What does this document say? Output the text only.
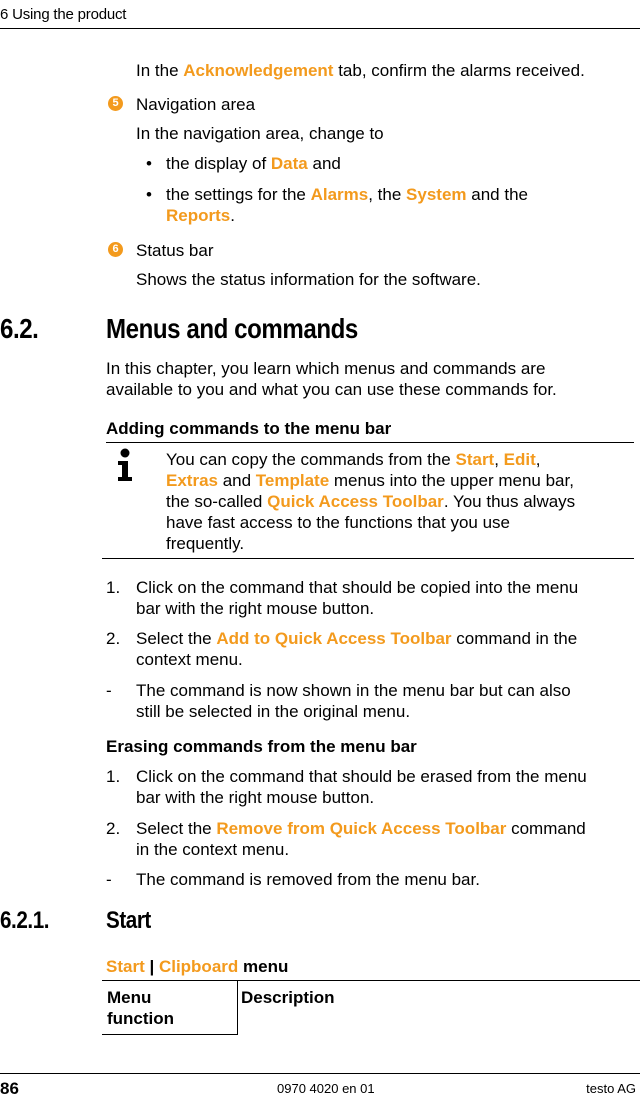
6 Using the product
In the Acknowledgement tab, confirm the alarms received.
5 Navigation area
In the navigation area, change to
• the display of Data and
• the settings for the Alarms, the System and the
Reports.
6 Status bar
Shows the status information for the software.
6.2. Menus and commands
In this chapter, you learn which menus and commands are
available to you and what you can use these commands for.
Adding commands to the menu bar
You can copy the commands from the Start, Edit,
Extras and Template menus into the upper menu bar,
the so-called Quick Access Toolbar. You thus always
have fast access to the functions that you use
frequently.
1. Click on the command that should be copied into the menu
bar with the right mouse button.
2. Select the Add to Quick Access Toolbar command in the
context menu.
- The command is now shown in the menu bar but can also
still be selected in the original menu.
Erasing commands from the menu bar
1. Click on the command that should be erased from the menu
bar with the right mouse button.
2. Select the Remove from Quick Access Toolbar command
in the context menu.
- The command is removed from the menu bar.
6.2.1. Start
Start | Clipboard menu
Menu
function
Description
86	0970 4020 en 01	testo AG
